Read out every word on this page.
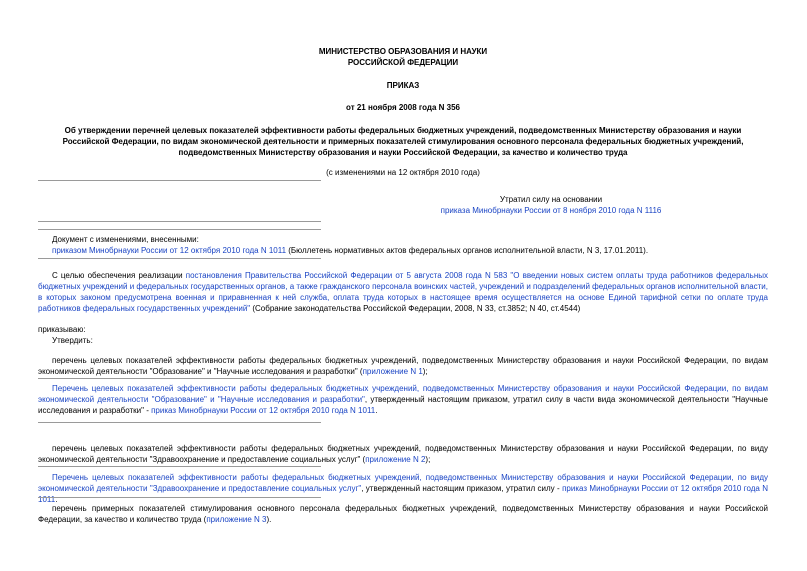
МИНИСТЕРСТВО ОБРАЗОВАНИЯ И НАУКИ
РОССИЙСКОЙ ФЕДЕРАЦИИ
ПРИКАЗ
от 21 ноября 2008 года N 356
Об утверждении перечней целевых показателей эффективности работы федеральных бюджетных учреждений, подведомственных Министерству образования и науки Российской Федерации, по видам экономической деятельности и примерных показателей стимулирования основного персонала федеральных бюджетных учреждений, подведомственных Министерству образования и науки Российской Федерации, за качество и количество труда
(с изменениями на 12 октября 2010 года)
Утратил силу на основании
приказа Минобрнауки России от 8 ноября 2010 года N 1116
Документ с изменениями, внесенными:
приказом Минобрнауки России от 12 октября 2010 года N 1011 (Бюллетень нормативных актов федеральных органов исполнительной власти, N 3, 17.01.2011).

С целью обеспечения реализации постановления Правительства Российской Федерации от 5 августа 2008 года N 583 "О введении новых систем оплаты труда работников федеральных бюджетных учреждений и федеральных государственных органов, а также гражданского персонала воинских частей, учреждений и подразделений федеральных органов исполнительной власти, в которых законом предусмотрена военная и приравненная к ней служба, оплата труда которых в настоящее время осуществляется на основе Единой тарифной сетки по оплате труда работников федеральных государственных учреждений" (Собрание законодательства Российской Федерации, 2008, N 33, ст.3852; N 40, ст.4544)

приказываю:
Утвердить:

перечень целевых показателей эффективности работы федеральных бюджетных учреждений, подведомственных Министерству образования и науки Российской Федерации, по видам экономической деятельности "Образование" и "Научные исследования и разработки" (приложение N 1);

Перечень целевых показателей эффективности работы федеральных бюджетных учреждений, подведомственных Министерству образования и науки Российской Федерации, по видам экономической деятельности "Образование" и "Научные исследования и разработки", утвержденный настоящим приказом, утратил силу в части вида экономической деятельности "Научные исследования и разработки" - приказ Минобрнауки России от 12 октября 2010 года N 1011.

перечень целевых показателей эффективности работы федеральных бюджетных учреждений, подведомственных Министерству образования и науки Российской Федерации, по виду экономической деятельности "Здравоохранение и предоставление социальных услуг" (приложение N 2);

Перечень целевых показателей эффективности работы федеральных бюджетных учреждений, подведомственных Министерству образования и науки Российской Федерации, по виду экономической деятельности "Здравоохранение и предоставление социальных услуг", утвержденный настоящим приказом, утратил силу - приказ Минобрнауки России от 12 октября 2010 года N 1011.

перечень примерных показателей стимулирования основного персонала федеральных бюджетных учреждений, подведомственных Министерству образования и науки Российской Федерации, за качество и количество труда (приложение N 3).
